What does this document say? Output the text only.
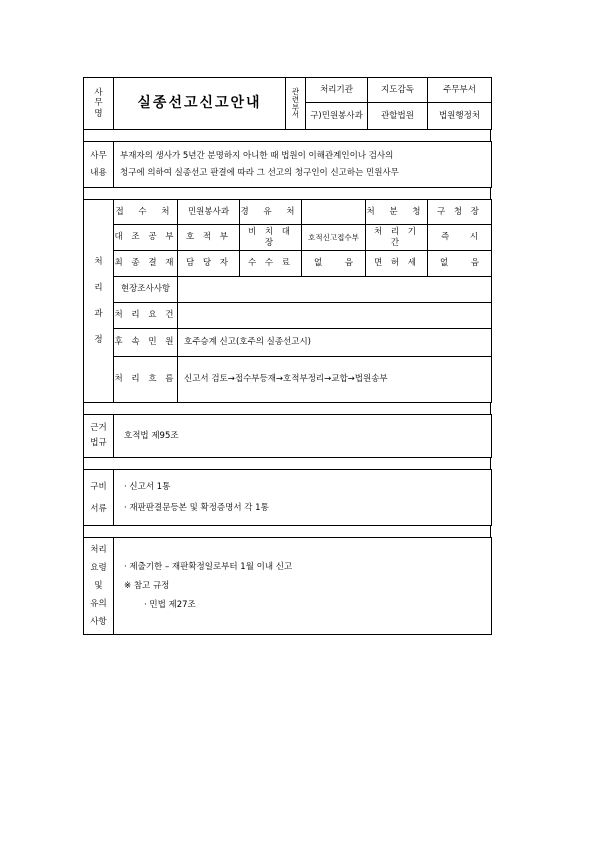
사
무
명	실종선고신고안내	관
련
부
서	처리기관	지도감독	주무부서
			구)민원봉사과	관할법원	법원행정처
사무
내용

부재자의 생사가 5년간 분명하지 아니한 때 법원이 이해관계인이나 검사의
청구에 의하여 실종선고 판결에 따라 그 선고의 청구인이 신고하는 민원사무
처
리
과
정	접 수 처	민원봉사과	경 유 처		처 분 청	구 청 장
	대 조 공 부	호 적 부	비 치 대 장	호적신고접수부	처 리 기 간	즉 시
	최 종 결 재	담 당 자	수 수 료	없 음	면 허 세	없 음
	현장조사사항					
	처 리 요 건					
	후 속 민 원	호주승계 신고(호주의 실종선고시)				
	처 리 흐 름	신고서 검토→접수부등재→호적부정리→교합→법원송부				
근거
법규
	호적법 제95조
구비
서류

· 신고서 1통
· 재판판결문등본 및 확정증명서 각 1통
처리
요령
및
유의
사항

· 제출기한 – 재판확정일로부터 1월 이내 신고
※ 참고 규정
· 민법 제27조
